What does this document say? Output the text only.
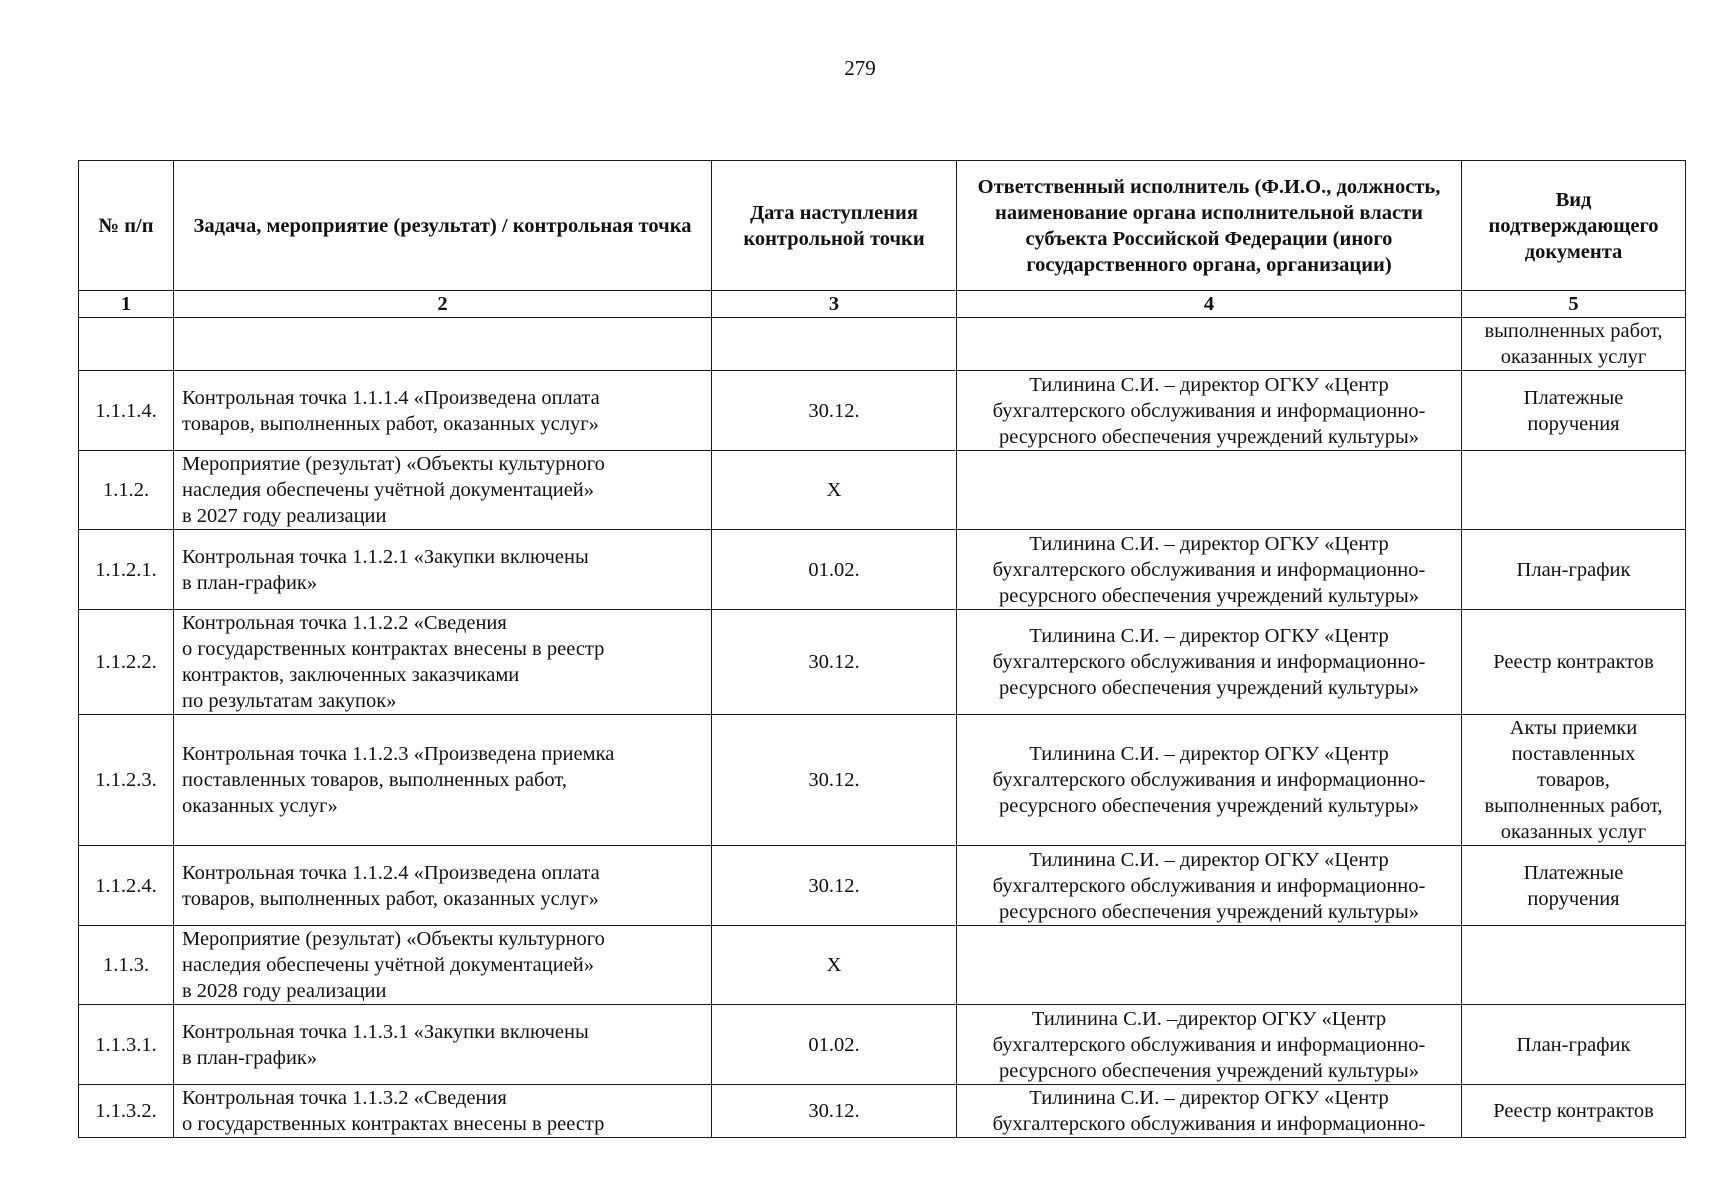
279
№ п/п	Задача, мероприятие (результат) / контрольная точка	Дата наступления контрольной точки	Ответственный исполнитель (Ф.И.О., должность, наименование органа исполнительной власти субъекта Российской Федерации (иного государственного органа, организации)	Вид подтверждающего документа
1	2	3	4	5

				выполненных работ,
оказанных услуг

1.1.1.4.	Контрольная точка 1.1.1.4 «Произведена оплата
товаров, выполненных работ, оказанных услуг»	30.12.	Тилинина С.И. – директор ОГКУ «Центр
бухгалтерского обслуживания и информационно-
ресурсного обеспечения учреждений культуры»	Платежные
поручения

1.1.2.	Мероприятие (результат) «Объекты культурного
наследия обеспечены учётной документацией»
в 2027 году реализации	X		

1.1.2.1.	Контрольная точка 1.1.2.1 «Закупки включены
в план-график»	01.02.	Тилинина С.И. – директор ОГКУ «Центр
бухгалтерского обслуживания и информационно-
ресурсного обеспечения учреждений культуры»	План-график

1.1.2.2.	Контрольная точка 1.1.2.2 «Сведения
о государственных контрактах внесены в реестр
контрактов, заключенных заказчиками
по результатам закупок»	30.12.	Тилинина С.И. – директор ОГКУ «Центр
бухгалтерского обслуживания и информационно-
ресурсного обеспечения учреждений культуры»	Реестр контрактов

1.1.2.3.	Контрольная точка 1.1.2.3 «Произведена приемка
поставленных товаров, выполненных работ,
оказанных услуг»	30.12.	Тилинина С.И. – директор ОГКУ «Центр
бухгалтерского обслуживания и информационно-
ресурсного обеспечения учреждений культуры»	Акты приемки
поставленных
товаров,
выполненных работ,
оказанных услуг

1.1.2.4.	Контрольная точка 1.1.2.4 «Произведена оплата
товаров, выполненных работ, оказанных услуг»	30.12.	Тилинина С.И. – директор ОГКУ «Центр
бухгалтерского обслуживания и информационно-
ресурсного обеспечения учреждений культуры»	Платежные
поручения

1.1.3.	Мероприятие (результат) «Объекты культурного
наследия обеспечены учётной документацией»
в 2028 году реализации	X		

1.1.3.1.	Контрольная точка 1.1.3.1 «Закупки включены
в план-график»	01.02.	Тилинина С.И. –директор ОГКУ «Центр
бухгалтерского обслуживания и информационно-
ресурсного обеспечения учреждений культуры»	План-график

1.1.3.2.	Контрольная точка 1.1.3.2 «Сведения
о государственных контрактах внесены в реестр	30.12.	Тилинина С.И. – директор ОГКУ «Центр
бухгалтерского обслуживания и информационно-	Реестр контрактов
